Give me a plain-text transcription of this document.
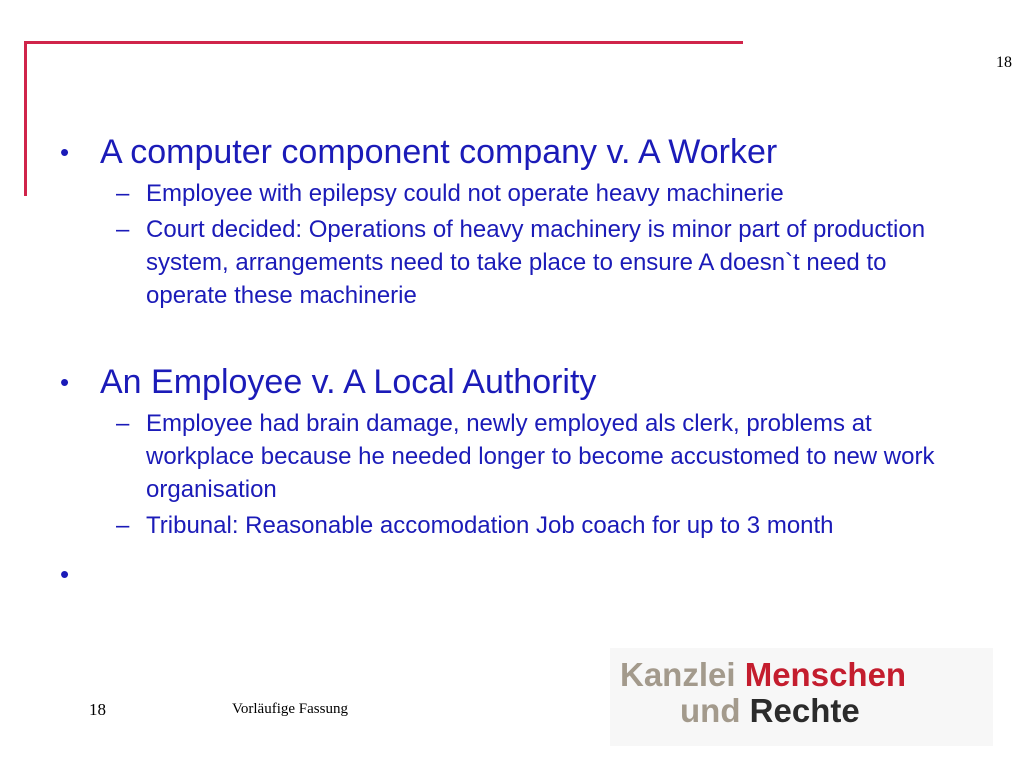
18
• A computer component company v. A Worker
– Employee with epilepsy could not operate heavy machinerie
– Court decided: Operations of heavy machinery is minor part of production system, arrangements need to take place to ensure A doesn`t need to operate these machinerie
• An Employee v. A Local Authority
– Employee had brain damage, newly employed als clerk, problems at workplace because he needed longer to become accustomed to new work organisation
– Tribunal: Reasonable accomodation Job coach for up to 3 month
•
18	Vorläufige Fassung
Kanzlei Menschen
und Rechte
